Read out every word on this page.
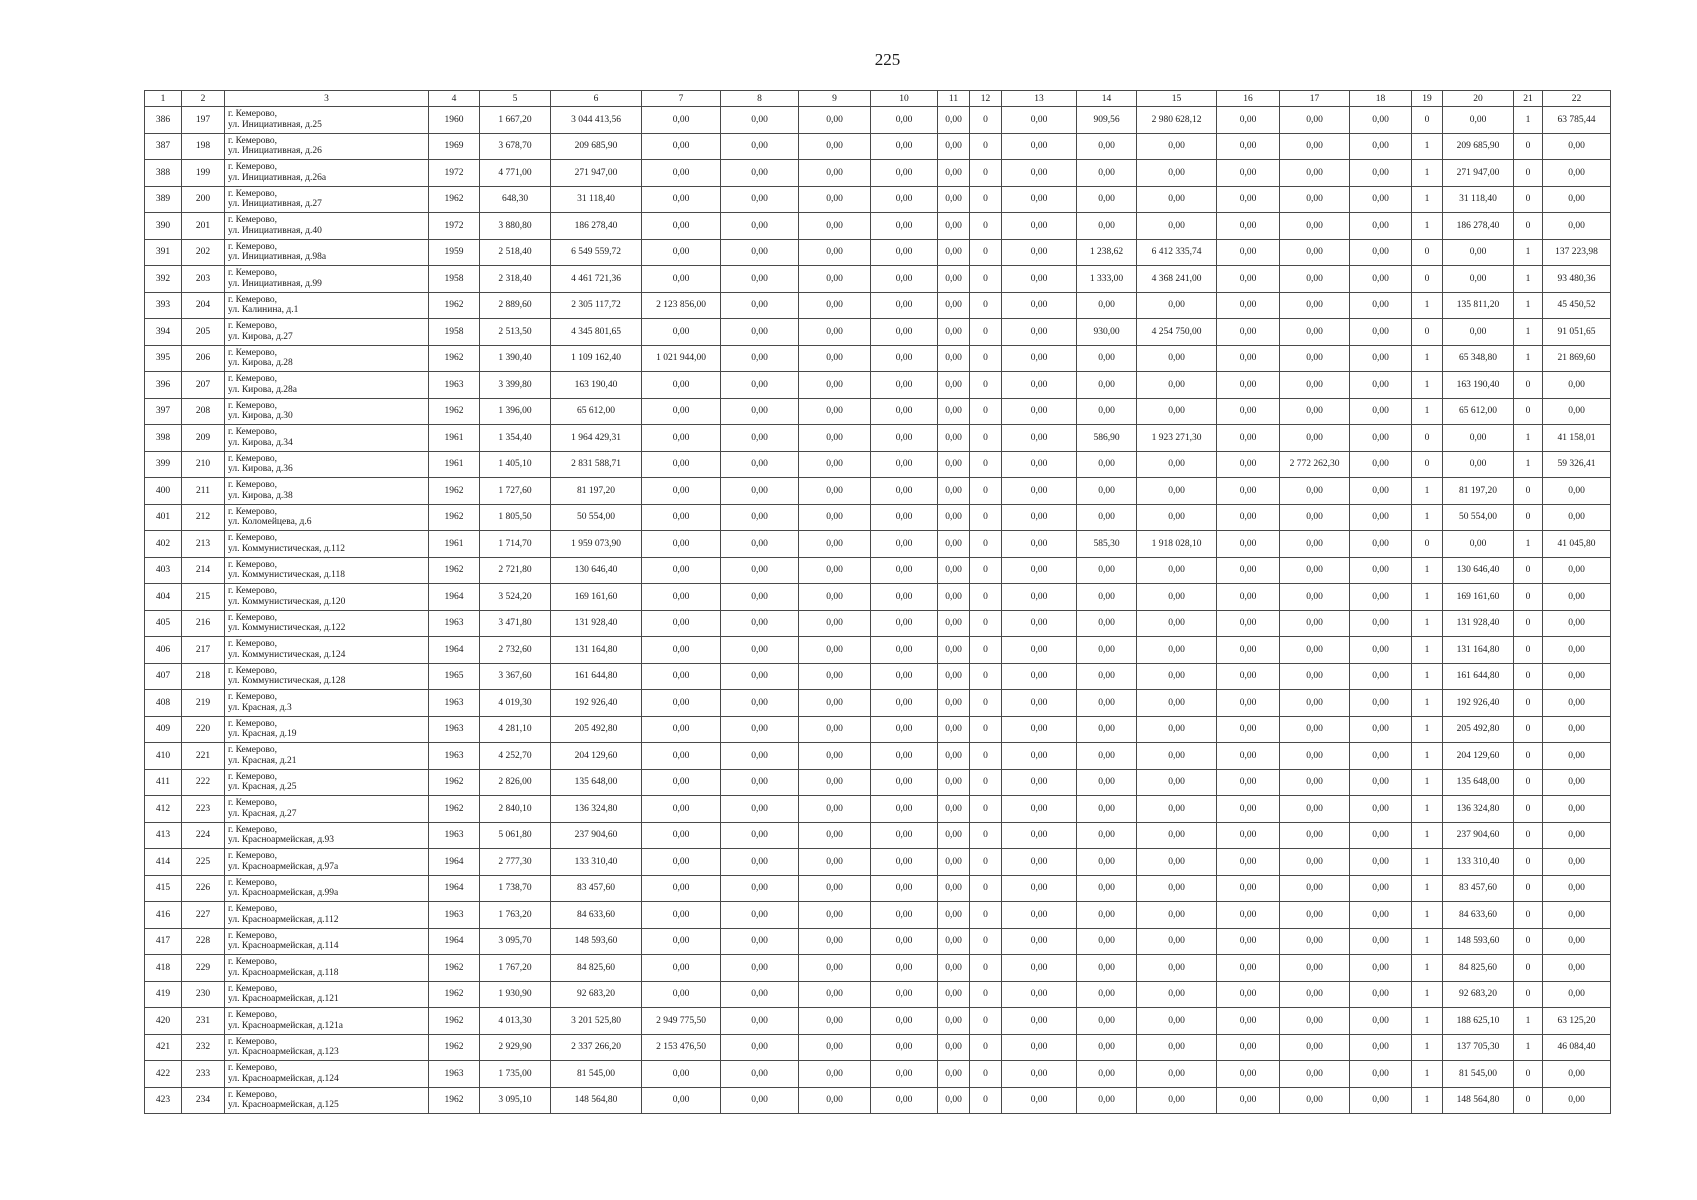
225
1	2	3	4	5	6	7	8	9	10	11	12	13	14	15	16	17	18	19	20	21	22
386	197	г. Кемерово,
ул. Инициативная, д.25	1960	1 667,20	3 044 413,56	0,00	0,00	0,00	0,00	0,00	0	0,00	909,56	2 980 628,12	0,00	0,00	0,00	0	0,00	1	63 785,44
387	198	г. Кемерово,
ул. Инициативная, д.26	1969	3 678,70	209 685,90	0,00	0,00	0,00	0,00	0,00	0	0,00	0,00	0,00	0,00	0,00	0,00	1	209 685,90	0	0,00
388	199	г. Кемерово,
ул. Инициативная, д.26а	1972	4 771,00	271 947,00	0,00	0,00	0,00	0,00	0,00	0	0,00	0,00	0,00	0,00	0,00	0,00	1	271 947,00	0	0,00
389	200	г. Кемерово,
ул. Инициативная, д.27	1962	648,30	31 118,40	0,00	0,00	0,00	0,00	0,00	0	0,00	0,00	0,00	0,00	0,00	0,00	1	31 118,40	0	0,00
390	201	г. Кемерово,
ул. Инициативная, д.40	1972	3 880,80	186 278,40	0,00	0,00	0,00	0,00	0,00	0	0,00	0,00	0,00	0,00	0,00	0,00	1	186 278,40	0	0,00
391	202	г. Кемерово,
ул. Инициативная, д.98а	1959	2 518,40	6 549 559,72	0,00	0,00	0,00	0,00	0,00	0	0,00	1 238,62	6 412 335,74	0,00	0,00	0,00	0	0,00	1	137 223,98
392	203	г. Кемерово,
ул. Инициативная, д.99	1958	2 318,40	4 461 721,36	0,00	0,00	0,00	0,00	0,00	0	0,00	1 333,00	4 368 241,00	0,00	0,00	0,00	0	0,00	1	93 480,36
393	204	г. Кемерово,
ул. Калинина, д.1	1962	2 889,60	2 305 117,72	2 123 856,00	0,00	0,00	0,00	0,00	0	0,00	0,00	0,00	0,00	0,00	0,00	1	135 811,20	1	45 450,52
394	205	г. Кемерово,
ул. Кирова, д.27	1958	2 513,50	4 345 801,65	0,00	0,00	0,00	0,00	0,00	0	0,00	930,00	4 254 750,00	0,00	0,00	0,00	0	0,00	1	91 051,65
395	206	г. Кемерово,
ул. Кирова, д.28	1962	1 390,40	1 109 162,40	1 021 944,00	0,00	0,00	0,00	0,00	0	0,00	0,00	0,00	0,00	0,00	0,00	1	65 348,80	1	21 869,60
396	207	г. Кемерово,
ул. Кирова, д.28а	1963	3 399,80	163 190,40	0,00	0,00	0,00	0,00	0,00	0	0,00	0,00	0,00	0,00	0,00	0,00	1	163 190,40	0	0,00
397	208	г. Кемерово,
ул. Кирова, д.30	1962	1 396,00	65 612,00	0,00	0,00	0,00	0,00	0,00	0	0,00	0,00	0,00	0,00	0,00	0,00	1	65 612,00	0	0,00
398	209	г. Кемерово,
ул. Кирова, д.34	1961	1 354,40	1 964 429,31	0,00	0,00	0,00	0,00	0,00	0	0,00	586,90	1 923 271,30	0,00	0,00	0,00	0	0,00	1	41 158,01
399	210	г. Кемерово,
ул. Кирова, д.36	1961	1 405,10	2 831 588,71	0,00	0,00	0,00	0,00	0,00	0	0,00	0,00	0,00	0,00	2 772 262,30	0,00	0	0,00	1	59 326,41
400	211	г. Кемерово,
ул. Кирова, д.38	1962	1 727,60	81 197,20	0,00	0,00	0,00	0,00	0,00	0	0,00	0,00	0,00	0,00	0,00	0,00	1	81 197,20	0	0,00
401	212	г. Кемерово,
ул. Коломейцева, д.6	1962	1 805,50	50 554,00	0,00	0,00	0,00	0,00	0,00	0	0,00	0,00	0,00	0,00	0,00	0,00	1	50 554,00	0	0,00
402	213	г. Кемерово,
ул. Коммунистическая, д.112	1961	1 714,70	1 959 073,90	0,00	0,00	0,00	0,00	0,00	0	0,00	585,30	1 918 028,10	0,00	0,00	0,00	0	0,00	1	41 045,80
403	214	г. Кемерово,
ул. Коммунистическая, д.118	1962	2 721,80	130 646,40	0,00	0,00	0,00	0,00	0,00	0	0,00	0,00	0,00	0,00	0,00	0,00	1	130 646,40	0	0,00
404	215	г. Кемерово,
ул. Коммунистическая, д.120	1964	3 524,20	169 161,60	0,00	0,00	0,00	0,00	0,00	0	0,00	0,00	0,00	0,00	0,00	0,00	1	169 161,60	0	0,00
405	216	г. Кемерово,
ул. Коммунистическая, д.122	1963	3 471,80	131 928,40	0,00	0,00	0,00	0,00	0,00	0	0,00	0,00	0,00	0,00	0,00	0,00	1	131 928,40	0	0,00
406	217	г. Кемерово,
ул. Коммунистическая, д.124	1964	2 732,60	131 164,80	0,00	0,00	0,00	0,00	0,00	0	0,00	0,00	0,00	0,00	0,00	0,00	1	131 164,80	0	0,00
407	218	г. Кемерово,
ул. Коммунистическая, д.128	1965	3 367,60	161 644,80	0,00	0,00	0,00	0,00	0,00	0	0,00	0,00	0,00	0,00	0,00	0,00	1	161 644,80	0	0,00
408	219	г. Кемерово,
ул. Красная, д.3	1963	4 019,30	192 926,40	0,00	0,00	0,00	0,00	0,00	0	0,00	0,00	0,00	0,00	0,00	0,00	1	192 926,40	0	0,00
409	220	г. Кемерово,
ул. Красная, д.19	1963	4 281,10	205 492,80	0,00	0,00	0,00	0,00	0,00	0	0,00	0,00	0,00	0,00	0,00	0,00	1	205 492,80	0	0,00
410	221	г. Кемерово,
ул. Красная, д.21	1963	4 252,70	204 129,60	0,00	0,00	0,00	0,00	0,00	0	0,00	0,00	0,00	0,00	0,00	0,00	1	204 129,60	0	0,00
411	222	г. Кемерово,
ул. Красная, д.25	1962	2 826,00	135 648,00	0,00	0,00	0,00	0,00	0,00	0	0,00	0,00	0,00	0,00	0,00	0,00	1	135 648,00	0	0,00
412	223	г. Кемерово,
ул. Красная, д.27	1962	2 840,10	136 324,80	0,00	0,00	0,00	0,00	0,00	0	0,00	0,00	0,00	0,00	0,00	0,00	1	136 324,80	0	0,00
413	224	г. Кемерово,
ул. Красноармейская, д.93	1963	5 061,80	237 904,60	0,00	0,00	0,00	0,00	0,00	0	0,00	0,00	0,00	0,00	0,00	0,00	1	237 904,60	0	0,00
414	225	г. Кемерово,
ул. Красноармейская, д.97а	1964	2 777,30	133 310,40	0,00	0,00	0,00	0,00	0,00	0	0,00	0,00	0,00	0,00	0,00	0,00	1	133 310,40	0	0,00
415	226	г. Кемерово,
ул. Красноармейская, д.99а	1964	1 738,70	83 457,60	0,00	0,00	0,00	0,00	0,00	0	0,00	0,00	0,00	0,00	0,00	0,00	1	83 457,60	0	0,00
416	227	г. Кемерово,
ул. Красноармейская, д.112	1963	1 763,20	84 633,60	0,00	0,00	0,00	0,00	0,00	0	0,00	0,00	0,00	0,00	0,00	0,00	1	84 633,60	0	0,00
417	228	г. Кемерово,
ул. Красноармейская, д.114	1964	3 095,70	148 593,60	0,00	0,00	0,00	0,00	0,00	0	0,00	0,00	0,00	0,00	0,00	0,00	1	148 593,60	0	0,00
418	229	г. Кемерово,
ул. Красноармейская, д.118	1962	1 767,20	84 825,60	0,00	0,00	0,00	0,00	0,00	0	0,00	0,00	0,00	0,00	0,00	0,00	1	84 825,60	0	0,00
419	230	г. Кемерово,
ул. Красноармейская, д.121	1962	1 930,90	92 683,20	0,00	0,00	0,00	0,00	0,00	0	0,00	0,00	0,00	0,00	0,00	0,00	1	92 683,20	0	0,00
420	231	г. Кемерово,
ул. Красноармейская, д.121а	1962	4 013,30	3 201 525,80	2 949 775,50	0,00	0,00	0,00	0,00	0	0,00	0,00	0,00	0,00	0,00	0,00	1	188 625,10	1	63 125,20
421	232	г. Кемерово,
ул. Красноармейская, д.123	1962	2 929,90	2 337 266,20	2 153 476,50	0,00	0,00	0,00	0,00	0	0,00	0,00	0,00	0,00	0,00	0,00	1	137 705,30	1	46 084,40
422	233	г. Кемерово,
ул. Красноармейская, д.124	1963	1 735,00	81 545,00	0,00	0,00	0,00	0,00	0,00	0	0,00	0,00	0,00	0,00	0,00	0,00	1	81 545,00	0	0,00
423	234	г. Кемерово,
ул. Красноармейская, д.125	1962	3 095,10	148 564,80	0,00	0,00	0,00	0,00	0,00	0	0,00	0,00	0,00	0,00	0,00	0,00	1	148 564,80	0	0,00
